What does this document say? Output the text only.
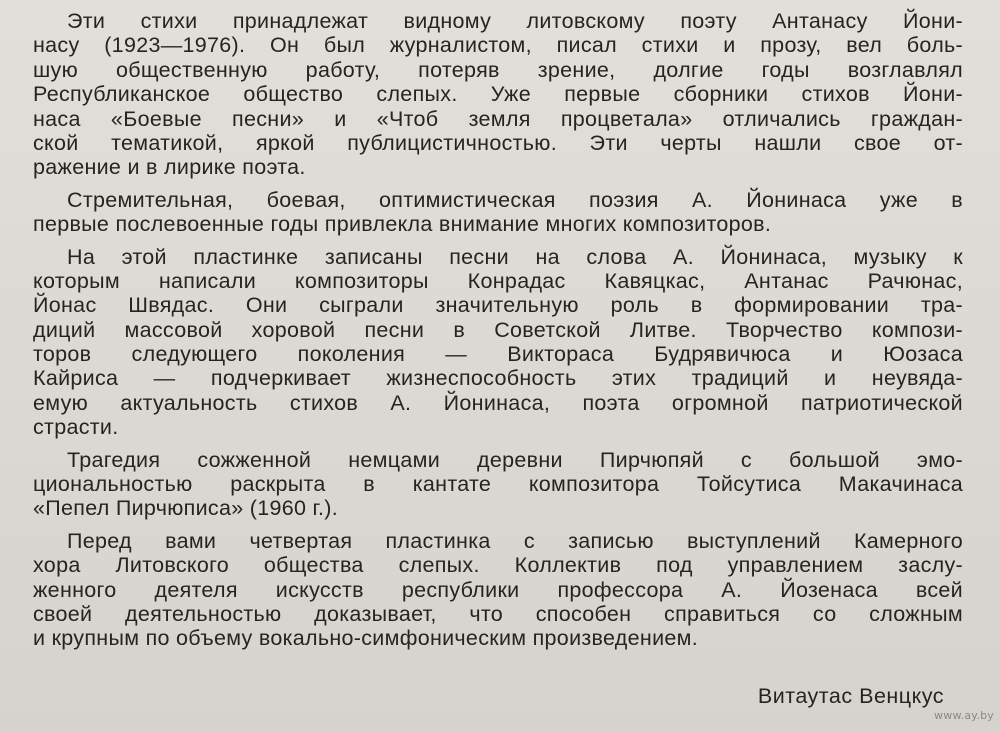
Эти стихи принадлежат видному литовскому поэту Антанасу Йони-
насу (1923—1976). Он был журналистом, писал стихи и прозу, вел боль-
шую общественную работу, потеряв зрение, долгие годы возглавлял
Республиканское общество слепых. Уже первые сборники стихов Йони-
наса «Боевые песни» и «Чтоб земля процветала» отличались граждан-
ской тематикой, яркой публицистичностью. Эти черты нашли свое от-
ражение и в лирике поэта.

Стремительная, боевая, оптимистическая поэзия А. Йонинаса уже в
первые послевоенные годы привлекла внимание многих композиторов.

На этой пластинке записаны песни на слова А. Йонинаса, музыку к
которым написали композиторы Конрадас Кавяцкас, Антанас Рачюнас,
Йонас Швядас. Они сыграли значительную роль в формировании тра-
диций массовой хоровой песни в Советской Литве. Творчество компози-
торов следующего поколения — Виктораса Будрявичюса и Юозаса
Кайриса — подчеркивает жизнеспособность этих традиций и неувяда-
емую актуальность стихов А. Йонинаса, поэта огромной патриотической
страсти.

Трагедия сожженной немцами деревни Пирчюпяй с большой эмо-
циональностью раскрыта в кантате композитора Тойсутиса Макачинаса
«Пепел Пирчюписа» (1960 г.).

Перед вами четвертая пластинка с записью выступлений Камерного
хора Литовского общества слепых. Коллектив под управлением заслу-
женного деятеля искусств республики профессора А. Йозенаса всей
своей деятельностью доказывает, что способен справиться со сложным
и крупным по объему вокально-симфоническим произведением.

Витаутас Венцкус
www.ay.by
